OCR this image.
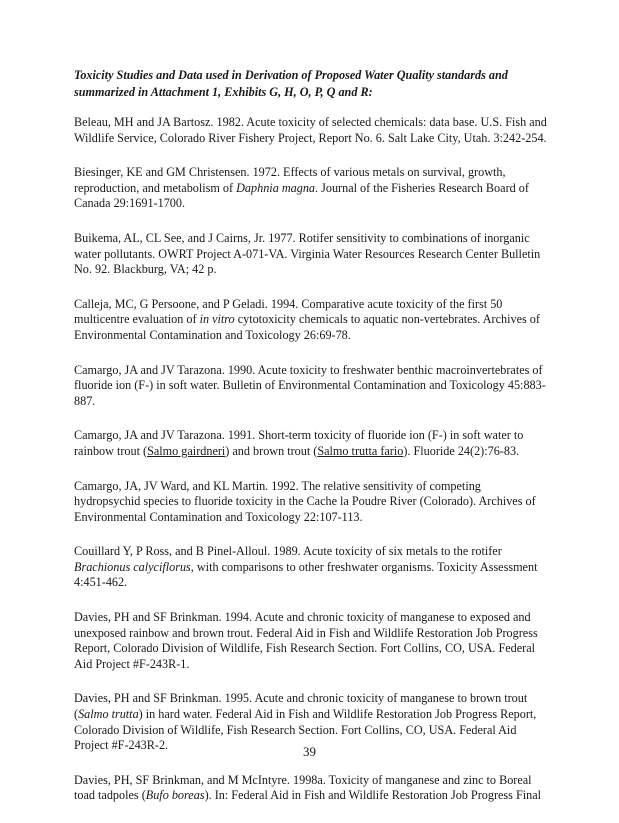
Toxicity Studies and Data used in Derivation of Proposed Water Quality standards and summarized in Attachment 1, Exhibits G, H, O, P, Q and R:
Beleau, MH and JA Bartosz. 1982. Acute toxicity of selected chemicals: data base. U.S. Fish and Wildlife Service, Colorado River Fishery Project, Report No. 6. Salt Lake City, Utah. 3:242-254.
Biesinger, KE and GM Christensen. 1972. Effects of various metals on survival, growth, reproduction, and metabolism of Daphnia magna. Journal of the Fisheries Research Board of Canada 29:1691-1700.
Buikema, AL, CL See, and J Cairns, Jr. 1977. Rotifer sensitivity to combinations of inorganic water pollutants. OWRT Project A-071-VA. Virginia Water Resources Research Center Bulletin No. 92. Blackburg, VA; 42 p.
Calleja, MC, G Persoone, and P Geladi. 1994. Comparative acute toxicity of the first 50 multicentre evaluation of in vitro cytotoxicity chemicals to aquatic non-vertebrates. Archives of Environmental Contamination and Toxicology 26:69-78.
Camargo, JA and JV Tarazona. 1990. Acute toxicity to freshwater benthic macroinvertebrates of fluoride ion (F-) in soft water. Bulletin of Environmental Contamination and Toxicology 45:883-887.
Camargo, JA and JV Tarazona. 1991. Short-term toxicity of fluoride ion (F-) in soft water to rainbow trout (Salmo gairdneri) and brown trout (Salmo trutta fario). Fluoride 24(2):76-83.
Camargo, JA, JV Ward, and KL Martin. 1992. The relative sensitivity of competing hydropsychid species to fluoride toxicity in the Cache la Poudre River (Colorado). Archives of Environmental Contamination and Toxicology 22:107-113.
Couillard Y, P Ross, and B Pinel-Alloul. 1989. Acute toxicity of six metals to the rotifer Brachionus calyciflorus, with comparisons to other freshwater organisms. Toxicity Assessment 4:451-462.
Davies, PH and SF Brinkman. 1994. Acute and chronic toxicity of manganese to exposed and unexposed rainbow and brown trout. Federal Aid in Fish and Wildlife Restoration Job Progress Report, Colorado Division of Wildlife, Fish Research Section. Fort Collins, CO, USA. Federal Aid Project #F-243R-1.
Davies, PH and SF Brinkman. 1995. Acute and chronic toxicity of manganese to brown trout (Salmo trutta) in hard water. Federal Aid in Fish and Wildlife Restoration Job Progress Report, Colorado Division of Wildlife, Fish Research Section. Fort Collins, CO, USA. Federal Aid Project #F-243R-2.
Davies, PH, SF Brinkman, and M McIntyre. 1998a. Toxicity of manganese and zinc to Boreal toad tadpoles (Bufo boreas). In: Federal Aid in Fish and Wildlife Restoration Job Progress Final
39
